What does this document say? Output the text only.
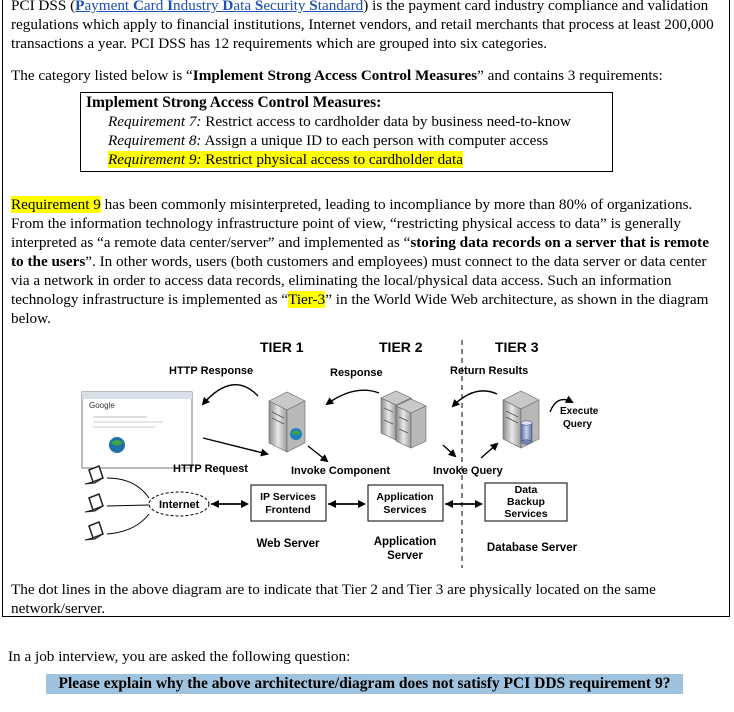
PCI DSS (Payment Card Industry Data Security Standard) is the payment card industry compliance and validation regulations which apply to financial institutions, Internet vendors, and retail merchants that process at least 200,000 transactions a year. PCI DSS has 12 requirements which are grouped into six categories.

The category listed below is “Implement Strong Access Control Measures” and contains 3 requirements:

Implement Strong Access Control Measures:
Requirement 7: Restrict access to cardholder data by business need-to-know
Requirement 8: Assign a unique ID to each person with computer access
Requirement 9: Restrict physical access to cardholder data

Requirement 9 has been commonly misinterpreted, leading to incompliance by more than 80% of organizations. From the information technology infrastructure point of view, “restricting physical access to data” is generally interpreted as “a remote data center/server” and implemented as “storing data records on a server that is remote to the users”. In other words, users (both customers and employees) must connect to the data server or data center via a network in order to access data records, eliminating the local/physical data access. Such an information technology infrastructure is implemented as “Tier-3” in the World Wide Web architecture, as shown in the diagram below.

TIER 1	TIER 2	TIER 3
HTTP Response	Response	Return Results
Google
Execute
Query
HTTP Request	Invoke Component	Invoke Query
Internet
IP Services
Frontend
Application
Services
Data
Backup
Services
Web Server	Application
Server
Database Server

The dot lines in the above diagram are to indicate that Tier 2 and Tier 3 are physically located on the same network/server.

In a job interview, you are asked the following question:

Please explain why the above architecture/diagram does not satisfy PCI DDS requirement 9?
